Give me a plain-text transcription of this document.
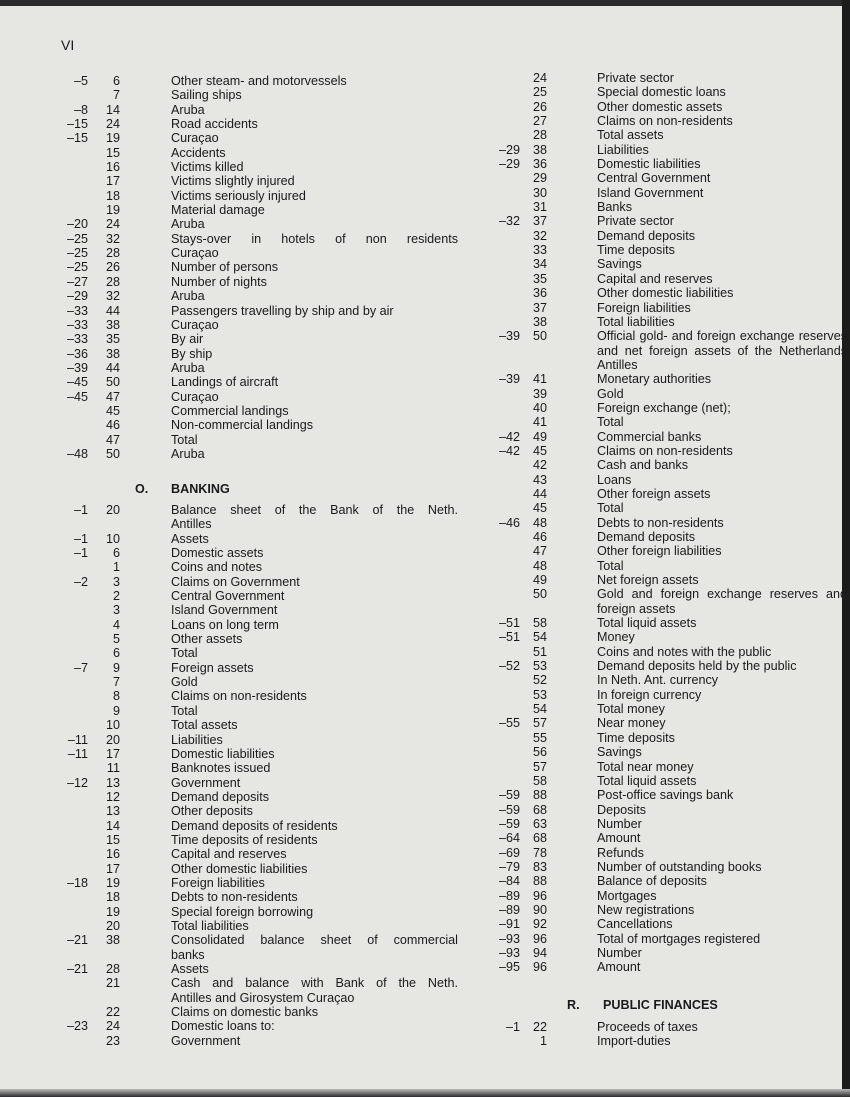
VI
– 5	6	Other steam- and motorvessels
7	Sailing ships
– 8	14	Aruba
– 15	24	Road accidents
– 15	19	Curaçao
15	Accidents
16	Victims killed
17	Victims slightly injured
18	Victims seriously injured
19	Material damage
– 20	24	Aruba
– 25	32	Stays-over in hotels of non residents
– 25	28	Curaçao
– 25	26	Number of persons
– 27	28	Number of nights
– 29	32	Aruba
– 33	44	Passengers travelling by ship and by air
– 33	38	Curaçao
– 33	35	By air
– 36	38	By ship
– 39	44	Aruba
– 45	50	Landings of aircraft
– 45	47	Curaçao
45	Commercial landings
46	Non-commercial landings
47	Total
– 48	50	Aruba
O. BANKING
– 1	20	Balance sheet of the Bank of the Neth.
Antilles
– 1	10	Assets
– 1	6	Domestic assets
1	Coins and notes
– 2	3	Claims on Government
2	Central Government
3	Island Government
4	Loans on long term
5	Other assets
6	Total
– 7	9	Foreign assets
7	Gold
8	Claims on non-residents
9	Total
10	Total assets
– 11	20	Liabilities
– 11	17	Domestic liabilities
11	Banknotes issued
– 12	13	Government
12	Demand deposits
13	Other deposits
14	Demand deposits of residents
15	Time deposits of residents
16	Capital and reserves
17	Other domestic liabilities
– 18	19	Foreign liabilities
18	Debts to non-residents
19	Special foreign borrowing
20	Total liabilities
– 21	38	Consolidated balance sheet of commercial
banks
– 21	28	Assets
21	Cash and balance with Bank of the Neth.
Antilles and Girosystem Curaçao
22	Claims on domestic banks
– 23	24	Domestic loans to:
23	Government
24	Private sector
25	Special domestic loans
26	Other domestic assets
27	Claims on non-residents
28	Total assets
– 29	38	Liabilities
– 29	36	Domestic liabilities
29	Central Government
30	Island Government
31	Banks
– 32	37	Private sector
32	Demand deposits
33	Time deposits
34	Savings
35	Capital and reserves
36	Other domestic liabilities
37	Foreign liabilities
38	Total liabilities
– 39	50	Official gold- and foreign exchange reserves
and net foreign assets of the Netherlands
Antilles
– 39	41	Monetary authorities
39	Gold
40	Foreign exchange (net);
41	Total
– 42	49	Commercial banks
– 42	45	Claims on non-residents
42	Cash and banks
43	Loans
44	Other foreign assets
45	Total
– 46	48	Debts to non-residents
46	Demand deposits
47	Other foreign liabilities
48	Total
49	Net foreign assets
50	Gold and foreign exchange reserves and
foreign assets
– 51	58	Total liquid assets
– 51	54	Money
51	Coins and notes with the public
– 52	53	Demand deposits held by the public
52	In Neth. Ant. currency
53	In foreign currency
54	Total money
– 55	57	Near money
55	Time deposits
56	Savings
57	Total near money
58	Total liquid assets
– 59	88	Post-office savings bank
– 59	68	Deposits
– 59	63	Number
– 64	68	Amount
– 69	78	Refunds
– 79	83	Number of outstanding books
– 84	88	Balance of deposits
– 89	96	Mortgages
– 89	90	New registrations
– 91	92	Cancellations
– 93	96	Total of mortgages registered
– 93	94	Number
– 95	96	Amount
R. PUBLIC FINANCES
– 1	22	Proceeds of taxes
1	Import-duties
